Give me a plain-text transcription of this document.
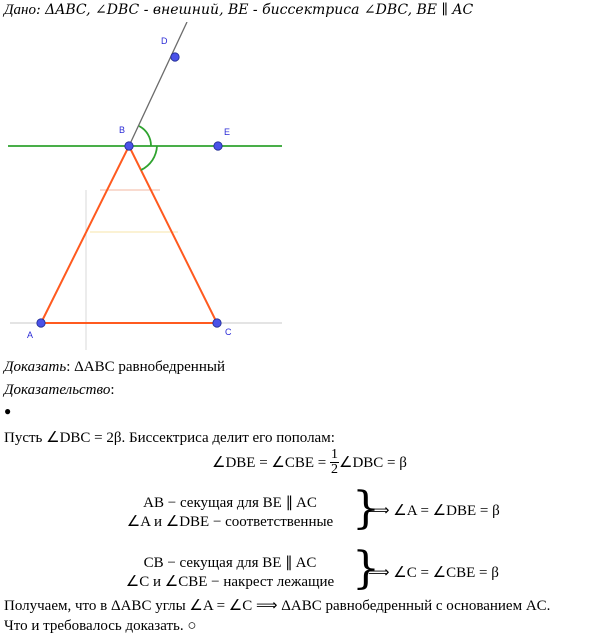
Дано: ΔABC, ∠DBC - внешний, BE - биссектриса ∠DBC, BE ∥ AC
D
B	E
A	C
Доказать: ΔABC равнобедренный
Доказательство:
●
Пусть ∠DBC = 2β. Биссектриса делит его пополам:
∠DBE = ∠CBE = $\frac{1}{2}$ ∠DBC = β
AB − секущая для BE ∥ AC
∠A и ∠DBE − соответственные }
⟹ ∠A = ∠DBE = β
CB − секущая для BE ∥ AC
∠C и ∠CBE − накрест лежащие }
⟹ ∠C = ∠CBE = β
Получаем, что в ΔABC углы ∠A = ∠C ⟹ ΔABC равнобедренный с основанием AC.
Что и требовалось доказать. ○
